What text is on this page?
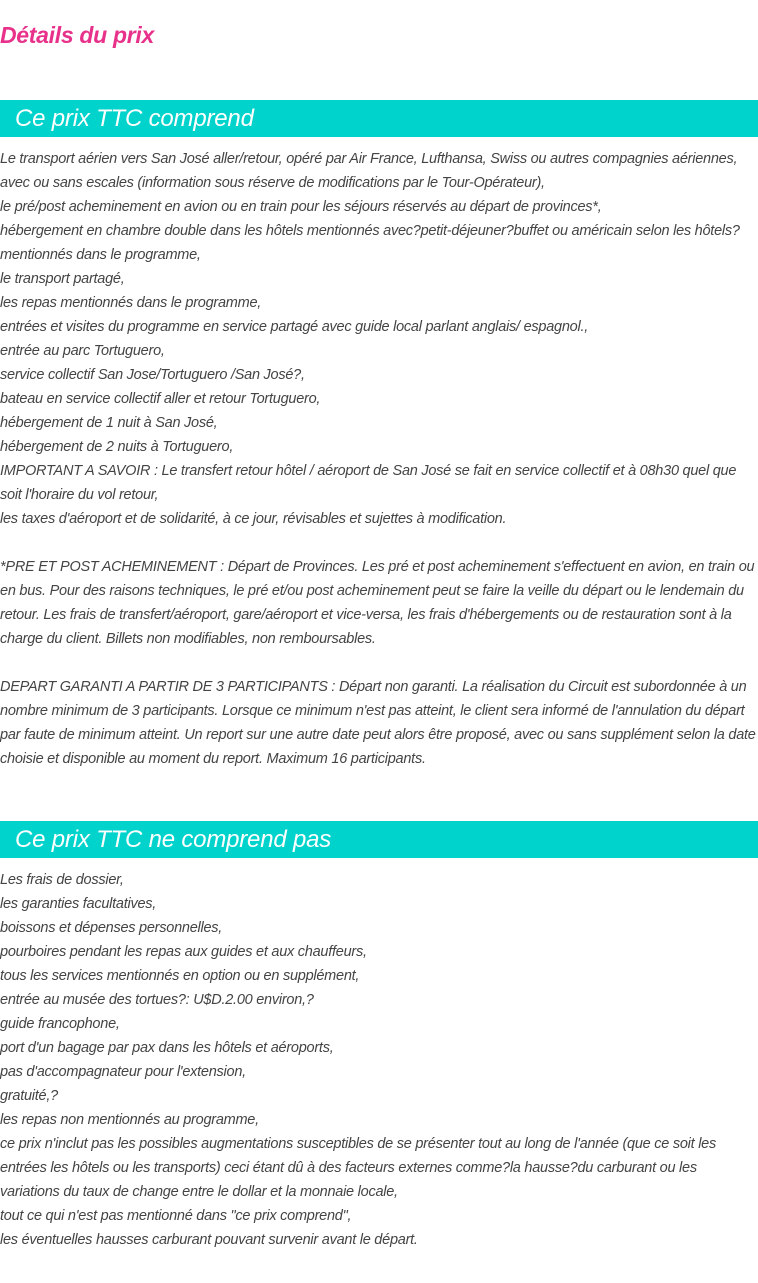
Détails du prix
Ce prix TTC comprend
Le transport aérien vers San José aller/retour, opéré par Air France, Lufthansa, Swiss ou autres compagnies aériennes, avec ou sans escales (information sous réserve de modifications par le Tour-Opérateur),
le pré/post acheminement en avion ou en train pour les séjours réservés au départ de provinces*,
hébergement en chambre double dans les hôtels mentionnés avec?petit-déjeuner?buffet ou américain selon les hôtels?mentionnés dans le programme,
le transport partagé,
les repas mentionnés dans le programme,
entrées et visites du programme en service partagé avec guide local parlant anglais/ espagnol.,
entrée au parc Tortuguero,
service collectif San Jose/Tortuguero /San José?,
bateau en service collectif aller et retour Tortuguero,
hébergement de 1 nuit à San José,
hébergement de 2 nuits à Tortuguero,
IMPORTANT A SAVOIR : Le transfert retour hôtel / aéroport de San José se fait en service collectif et à 08h30 quel que soit l'horaire du vol retour,
les taxes d'aéroport et de solidarité, à ce jour, révisables et sujettes à modification.

*PRE ET POST ACHEMINEMENT : Départ de Provinces. Les pré et post acheminement s'effectuent en avion, en train ou en bus. Pour des raisons techniques, le pré et/ou post acheminement peut se faire la veille du départ ou le lendemain du retour. Les frais de transfert/aéroport, gare/aéroport et vice-versa, les frais d'hébergements ou de restauration sont à la charge du client. Billets non modifiables, non remboursables.

DEPART GARANTI A PARTIR DE 3 PARTICIPANTS : Départ non garanti. La réalisation du Circuit est subordonnée à un nombre minimum de 3 participants. Lorsque ce minimum n'est pas atteint, le client sera informé de l'annulation du départ par faute de minimum atteint. Un report sur une autre date peut alors être proposé, avec ou sans supplément selon la date choisie et disponible au moment du report. Maximum 16 participants.

Ce prix TTC ne comprend pas
Les frais de dossier,
les garanties facultatives,
boissons et dépenses personnelles,
pourboires pendant les repas aux guides et aux chauffeurs,
tous les services mentionnés en option ou en supplément,
entrée au musée des tortues?: U$D.2.00 environ,?
guide francophone,
port d'un bagage par pax dans les hôtels et aéroports,
pas d'accompagnateur pour l'extension,
gratuité,?
les repas non mentionnés au programme,
ce prix n'inclut pas les possibles augmentations susceptibles de se présenter tout au long de l'année (que ce soit les entrées les hôtels ou les transports) ceci étant dû à des facteurs externes comme?la hausse?du carburant ou les variations du taux de change entre le dollar et la monnaie locale,
tout ce qui n'est pas mentionné dans "ce prix comprend",
les éventuelles hausses carburant pouvant survenir avant le départ.
